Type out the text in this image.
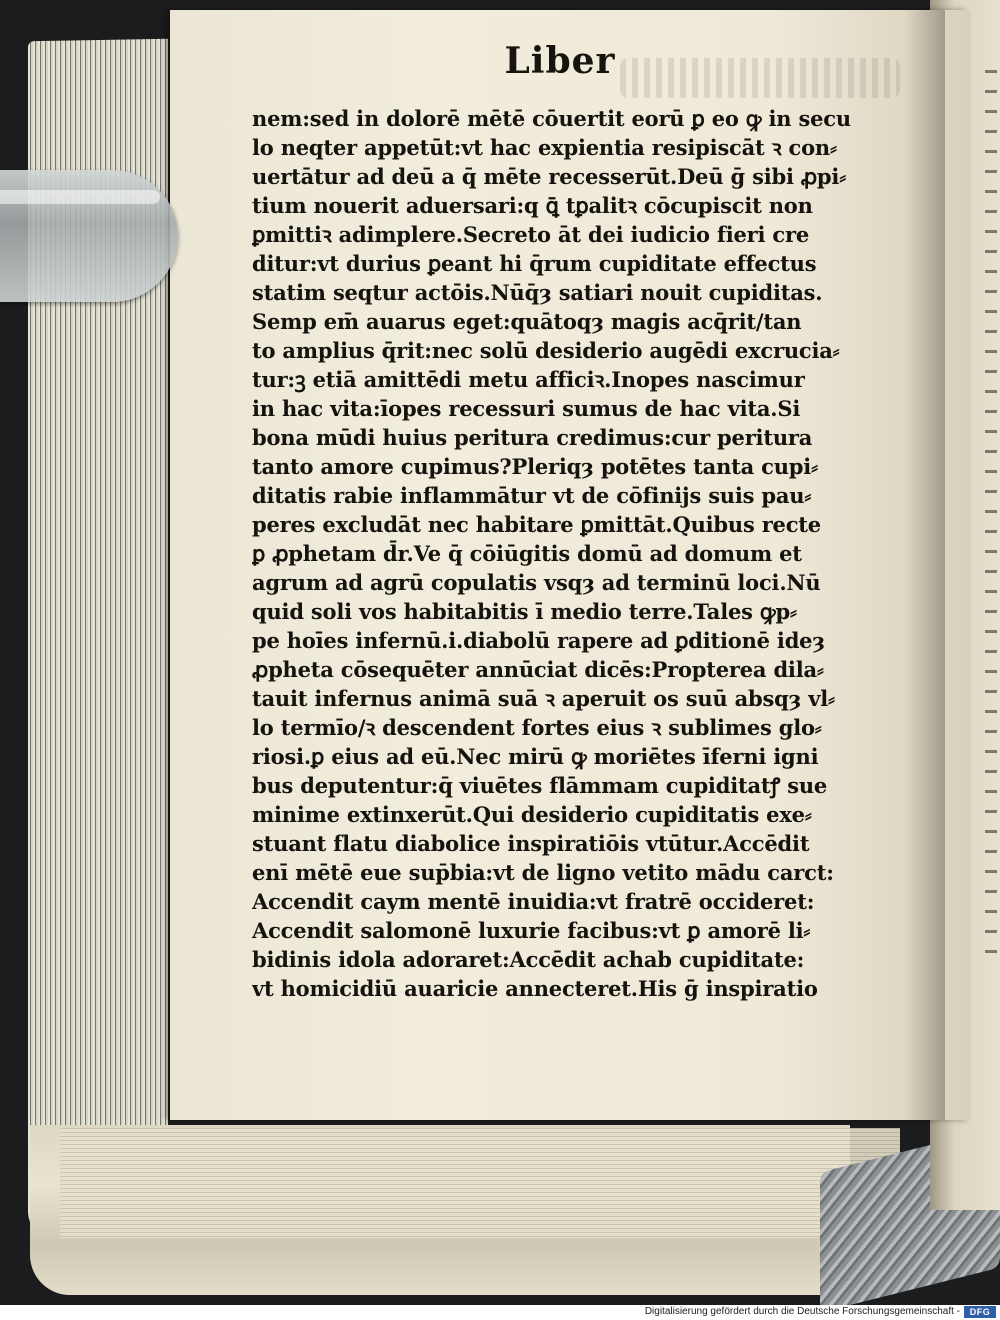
Liber
nem:sed in dolorē mētē cōuertit eorū ꝑ eo ꝙ in secu
lo neqter appetūt:vt hac expientia resipiscāt ꝛ con⸗
uertātur ad deū a q̄ mēte recesserūt.Deū ḡ sibi ꝓpi⸗
tium nouerit aduersari:q ꝗ̄ tꝑalitꝛ cōcupiscit non
ꝑmittiꝛ adimplere.Secreto āt dei iudicio fieri cre
ditur:vt durius ꝑeant hi q̄rum cupiditate effectus
statim seqtur actōis.Nūq̄ȝ satiari nouit cupiditas.
Semp em̄ auarus eget:quātoqȝ magis acq̄rit/tan
to amplius q̄rit:nec solū desiderio augēdi excrucia⸗
tur:ꝫ etiā amittēdi metu afficiꝛ.Inopes nascimur
in hac vita:īopes recessuri sumus de hac vita.Si
bona mūdi huius peritura credimus:cur peritura
tanto amore cupimus?Pleriqȝ potētes tanta cupi⸗
ditatis rabie inflammātur vt de cōfinijs suis pau⸗
peres excludāt nec habitare ꝑmittāt.Quibus recte
ꝑ ꝓphetam d̄r.Ve q̄ cōiūgitis domū ad domum et
agrum ad agrū copulatis vsqȝ ad terminū loci.Nū
quid soli vos habitabitis ī medio terre.Tales ꝙp⸗
pe hoīes infernū.i.diabolū rapere ad ꝑditionē ideȝ
ꝓpheta cōsequēter annūciat dicēs:Propterea dila⸗
tauit infernus animā suā ꝛ aperuit os suū absqȝ vl⸗
lo termīo/ꝛ descendent fortes eius ꝛ sublimes glo⸗
riosi.ꝑ eius ad eū.Nec mirū ꝙ moriētes īferni igni
bus deputentur:q̄ viuētes flāmmam cupiditatꝭ sue
minime extinxerūt.Qui desiderio cupiditatis exe⸗
stuant flatu diabolice inspiratiōis vtūtur.Accēdit
enī mētē eue sup̄bia:vt de ligno vetito mādu carct:
Accendit caym mentē inuidia:vt fratrē occideret:
Accendit salomonē luxurie facibus:vt ꝑ amorē li⸗
bidinis idola adoraret:Accēdit achab cupiditate:
vt homicidiū auaricie annecteret.His ḡ inspiratio
Digitalisierung gefördert durch die Deutsche Forschungsgemeinschaft -	DFG
